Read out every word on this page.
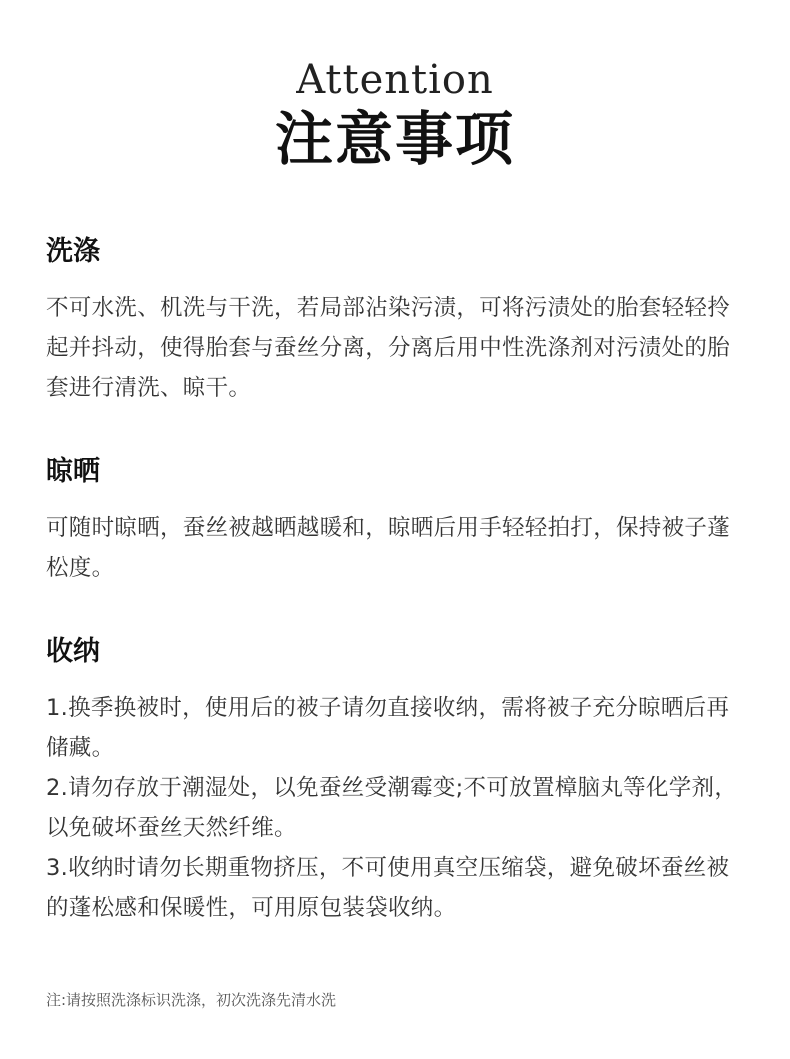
Attention
注意事项
洗涤

不可水洗、机洗与干洗，若局部沾染污渍，可将污渍处的胎套轻轻拎起并抖动，使得胎套与蚕丝分离，分离后用中性洗涤剂对污渍处的胎套进行清洗、晾干。

晾晒

可随时晾晒，蚕丝被越晒越暖和，晾晒后用手轻轻拍打，保持被子蓬松度。

收纳

1.换季换被时，使用后的被子请勿直接收纳，需将被子充分晾晒后再储藏。

2.请勿存放于潮湿处，以免蚕丝受潮霉变;不可放置樟脑丸等化学剂，以免破坏蚕丝天然纤维。

3.收纳时请勿长期重物挤压，不可使用真空压缩袋，避免破坏蚕丝被的蓬松感和保暖性，可用原包装袋收纳。

注:请按照洗涤标识洗涤，初次洗涤先清水洗
